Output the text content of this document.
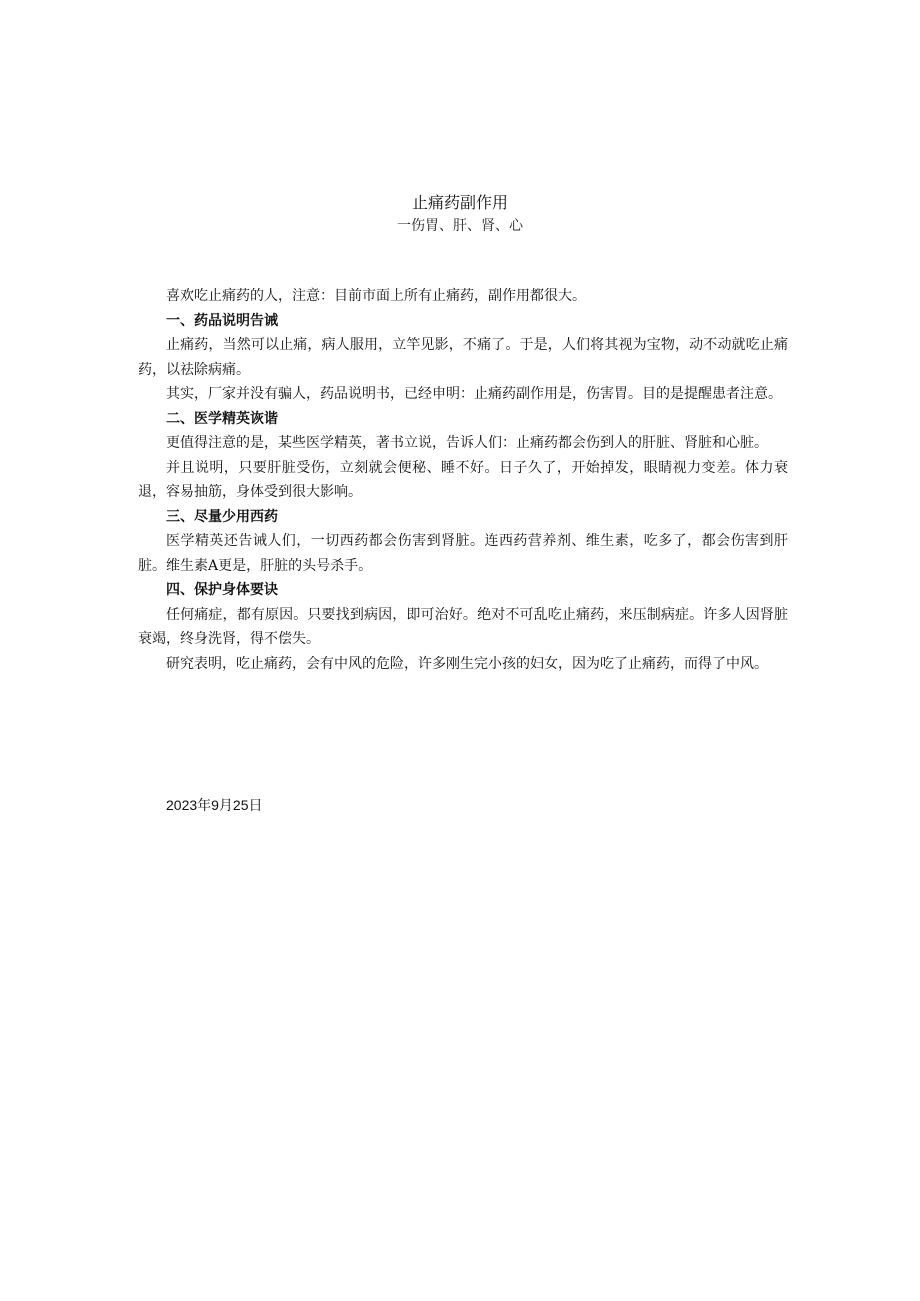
止痛药副作用
一伤胃、肝、肾、心

喜欢吃止痛药的人，注意：目前市面上所有止痛药，副作用都很大。

一、药品说明告诫

止痛药，当然可以止痛，病人服用，立竿见影，不痛了。于是，人们将其视为宝物，动不动就吃止痛药，以祛除病痛。

其实，厂家并没有骗人，药品说明书，已经申明：止痛药副作用是，伤害胃。目的是提醒患者注意。

二、医学精英诙谐

更值得注意的是，某些医学精英，著书立说，告诉人们：止痛药都会伤到人的肝脏、肾脏和心脏。

并且说明，只要肝脏受伤，立刻就会便秘、睡不好。日子久了，开始掉发，眼睛视力变差。体力衰退，容易抽筋，身体受到很大影响。

三、尽量少用西药

医学精英还告诫人们，一切西药都会伤害到肾脏。连西药营养剂、维生素，吃多了，都会伤害到肝脏。维生素A更是，肝脏的头号杀手。

四、保护身体要诀

任何痛症，都有原因。只要找到病因，即可治好。绝对不可乱吃止痛药，来压制病症。许多人因肾脏衰竭，终身洗肾，得不偿失。

研究表明，吃止痛药，会有中风的危险，许多刚生完小孩的妇女，因为吃了止痛药，而得了中风。

2023年9月25日
